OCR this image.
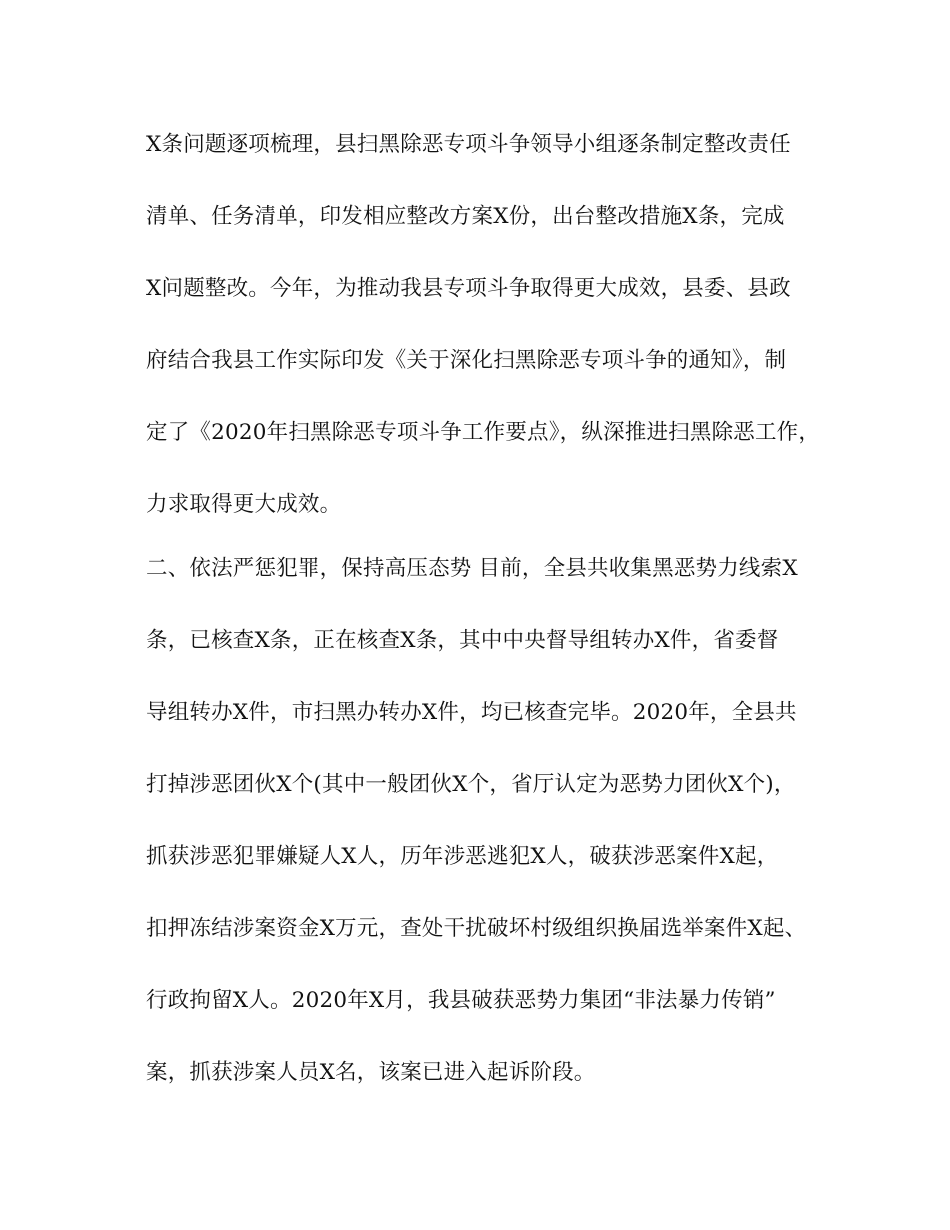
X条问题逐项梳理，县扫黑除恶专项斗争领导小组逐条制定整改责任
清单、任务清单，印发相应整改方案X份，出台整改措施X条，完成
X问题整改。今年，为推动我县专项斗争取得更大成效，县委、县政
府结合我县工作实际印发《关于深化扫黑除恶专项斗争的通知》，制
定了《2020年扫黑除恶专项斗争工作要点》，纵深推进扫黑除恶工作，
力求取得更大成效。
二、依法严惩犯罪，保持高压态势 目前，全县共收集黑恶势力线索X
条，已核查X条，正在核查X条，其中中央督导组转办X件，省委督
导组转办X件，市扫黑办转办X件，均已核查完毕。2020年，全县共
打掉涉恶团伙X个(其中一般团伙X个，省厅认定为恶势力团伙X个)，
抓获涉恶犯罪嫌疑人X人，历年涉恶逃犯X人，破获涉恶案件X起，
扣押冻结涉案资金X万元，查处干扰破坏村级组织换届选举案件X起、
行政拘留X人。2020年X月，我县破获恶势力集团“非法暴力传销”
案，抓获涉案人员X名，该案已进入起诉阶段。
